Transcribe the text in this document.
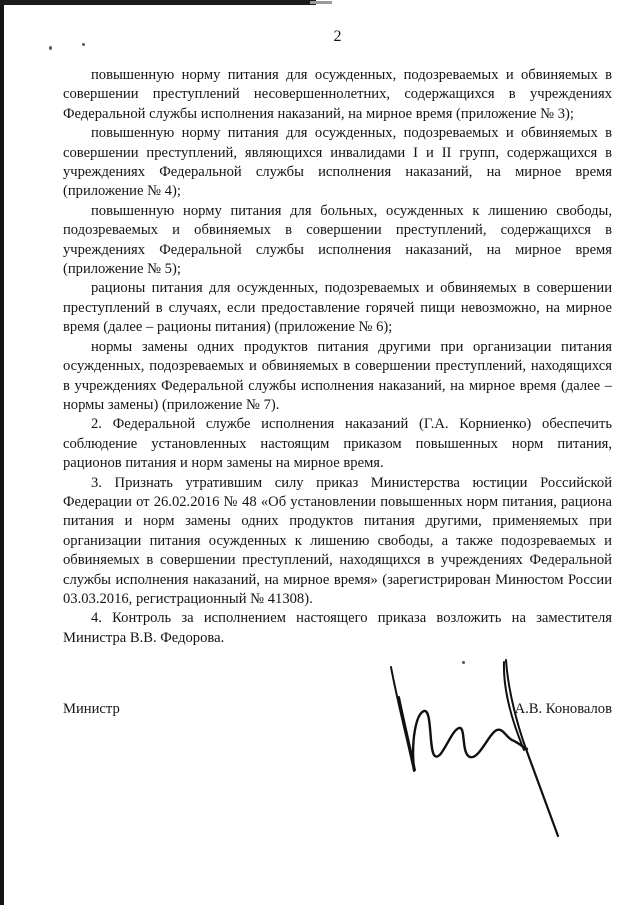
2

повышенную норму питания для осужденных, подозреваемых и обвиняемых в совершении преступлений несовершеннолетних, содержащихся в учреждениях Федеральной службы исполнения наказаний, на мирное время (приложение № 3);

повышенную норму питания для осужденных, подозреваемых и обвиняемых в совершении преступлений, являющихся инвалидами I и II групп, содержащихся в учреждениях Федеральной службы исполнения наказаний, на мирное время (приложение № 4);

повышенную норму питания для больных, осужденных к лишению свободы, подозреваемых и обвиняемых в совершении преступлений, содержащихся в учреждениях Федеральной службы исполнения наказаний, на мирное время (приложение № 5);

рационы питания для осужденных, подозреваемых и обвиняемых в совершении преступлений в случаях, если предоставление горячей пищи невозможно, на мирное время (далее – рационы питания) (приложение № 6);

нормы замены одних продуктов питания другими при организации питания осужденных, подозреваемых и обвиняемых в совершении преступлений, находящихся в учреждениях Федеральной службы исполнения наказаний, на мирное время (далее – нормы замены) (приложение № 7).

2. Федеральной службе исполнения наказаний (Г.А. Корниенко) обеспечить соблюдение установленных настоящим приказом повышенных норм питания, рационов питания и норм замены на мирное время.

3. Признать утратившим силу приказ Министерства юстиции Российской Федерации от 26.02.2016 № 48 «Об установлении повышенных норм питания, рациона питания и норм замены одних продуктов питания другими, применяемых при организации питания осужденных к лишению свободы, а также подозреваемых и обвиняемых в совершении преступлений, находящихся в учреждениях Федеральной службы исполнения наказаний, на мирное время» (зарегистрирован Минюстом России 03.03.2016, регистрационный № 41308).

4. Контроль за исполнением настоящего приказа возложить на заместителя Министра В.В. Федорова.

Министр	А.В. Коновалов
